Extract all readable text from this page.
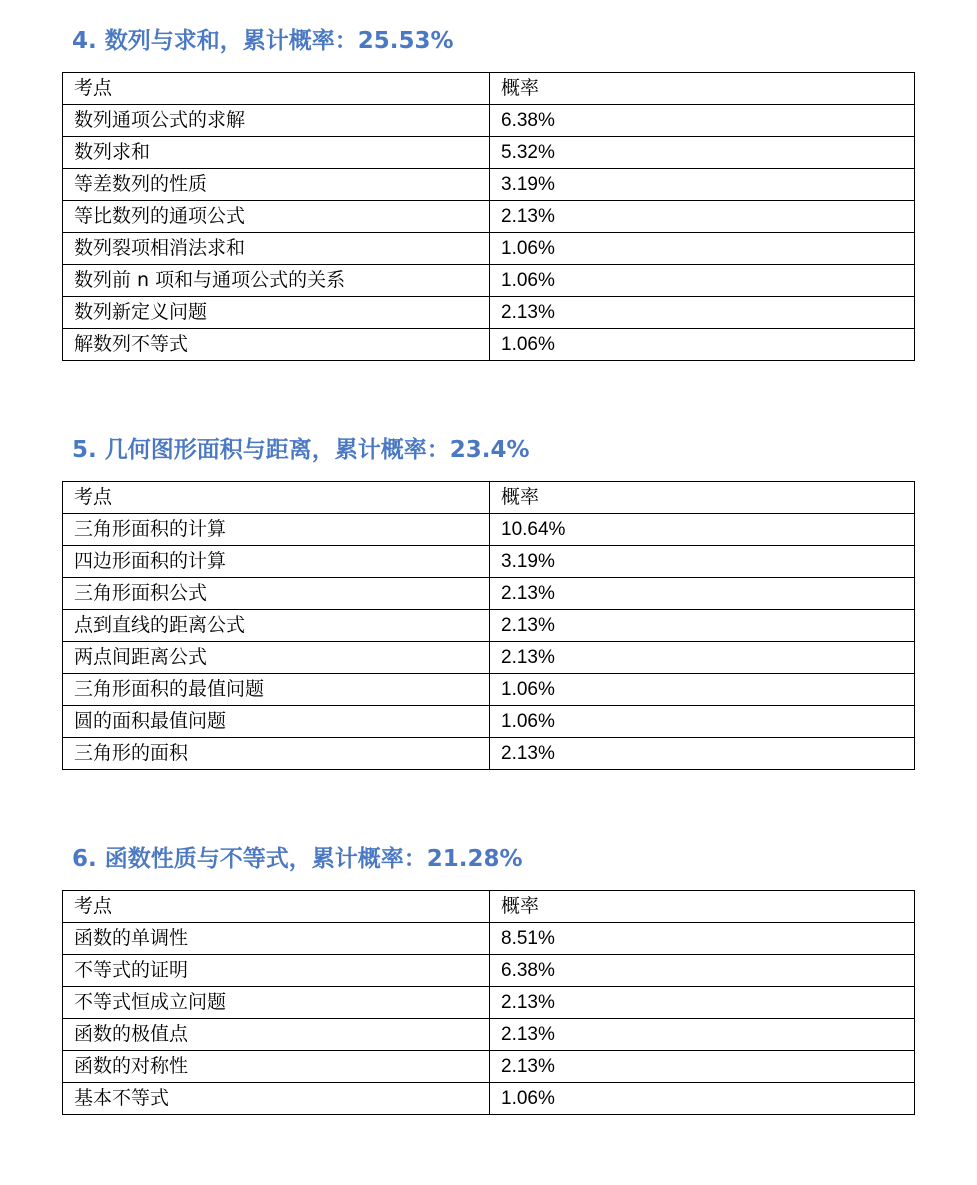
4. 数列与求和，累计概率：25.53%
考点	概率
数列通项公式的求解	6.38%
数列求和	5.32%
等差数列的性质	3.19%
等比数列的通项公式	2.13%
数列裂项相消法求和	1.06%
数列前 n 项和与通项公式的关系	1.06%
数列新定义问题	2.13%
解数列不等式	1.06%
5. 几何图形面积与距离，累计概率：23.4%
考点	概率
三角形面积的计算	10.64%
四边形面积的计算	3.19%
三角形面积公式	2.13%
点到直线的距离公式	2.13%
两点间距离公式	2.13%
三角形面积的最值问题	1.06%
圆的面积最值问题	1.06%
三角形的面积	2.13%
6. 函数性质与不等式，累计概率：21.28%
考点	概率
函数的单调性	8.51%
不等式的证明	6.38%
不等式恒成立问题	2.13%
函数的极值点	2.13%
函数的对称性	2.13%
基本不等式	1.06%
